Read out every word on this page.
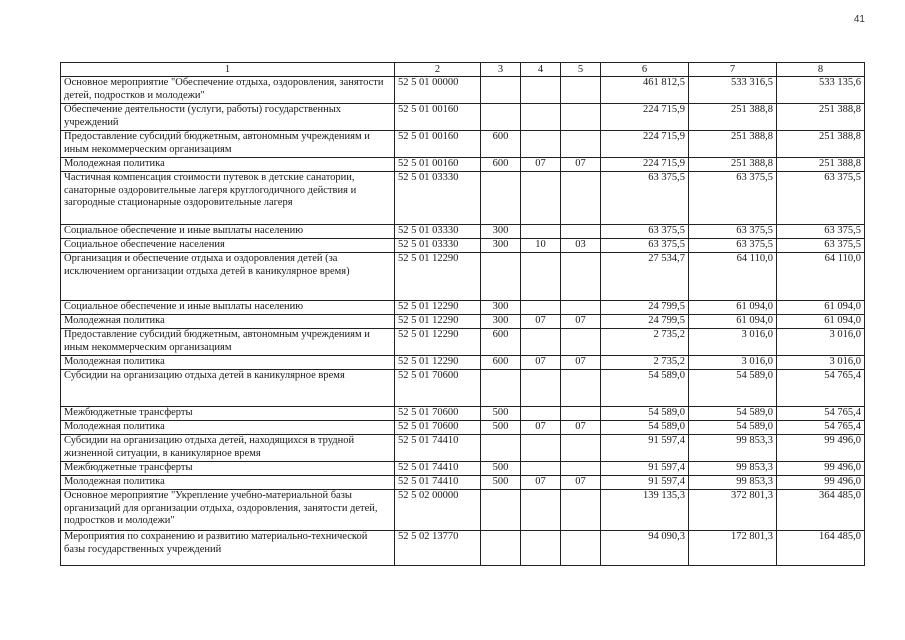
41
1	2	3	4	5	6	7	8
Основное мероприятие "Обеспечение отдыха, оздоровления, занятости детей, подростков и молодежи"	52 5 01 00000				461 812,5	533 316,5	533 135,6
Обеспечение деятельности (услуги, работы) государственных учреждений	52 5 01 00160				224 715,9	251 388,8	251 388,8
Предоставление субсидий бюджетным, автономным учреждениям и иным некоммерческим организациям	52 5 01 00160	600			224 715,9	251 388,8	251 388,8
Молодежная политика	52 5 01 00160	600	07	07	224 715,9	251 388,8	251 388,8
Частичная компенсация стоимости путевок в детские санатории, санаторные оздоровительные лагеря круглогодичного действия и загородные стационарные оздоровительные лагеря	52 5 01 03330				63 375,5	63 375,5	63 375,5
Социальное обеспечение и иные выплаты населению	52 5 01 03330	300			63 375,5	63 375,5	63 375,5
Социальное обеспечение населения	52 5 01 03330	300	10	03	63 375,5	63 375,5	63 375,5
Организация и обеспечение отдыха и оздоровления детей (за исключением организации отдыха детей в каникулярное время)	52 5 01 12290				27 534,7	64 110,0	64 110,0
Социальное обеспечение и иные выплаты населению	52 5 01 12290	300			24 799,5	61 094,0	61 094,0
Молодежная политика	52 5 01 12290	300	07	07	24 799,5	61 094,0	61 094,0
Предоставление субсидий бюджетным, автономным учреждениям и иным некоммерческим организациям	52 5 01 12290	600			2 735,2	3 016,0	3 016,0
Молодежная политика	52 5 01 12290	600	07	07	2 735,2	3 016,0	3 016,0
Субсидии на организацию отдыха детей в каникулярное время	52 5 01 70600				54 589,0	54 589,0	54 765,4
Межбюджетные трансферты	52 5 01 70600	500			54 589,0	54 589,0	54 765,4
Молодежная политика	52 5 01 70600	500	07	07	54 589,0	54 589,0	54 765,4
Субсидии на организацию отдыха детей, находящихся в трудной жизненной ситуации, в каникулярное время	52 5 01 74410				91 597,4	99 853,3	99 496,0
Межбюджетные трансферты	52 5 01 74410	500			91 597,4	99 853,3	99 496,0
Молодежная политика	52 5 01 74410	500	07	07	91 597,4	99 853,3	99 496,0
Основное мероприятие "Укрепление учебно-материальной базы организаций для организации отдыха, оздоровления, занятости детей, подростков и молодежи"	52 5 02 00000				139 135,3	372 801,3	364 485,0
Мероприятия по сохранению и развитию материально-технической базы государственных учреждений	52 5 02 13770				94 090,3	172 801,3	164 485,0
